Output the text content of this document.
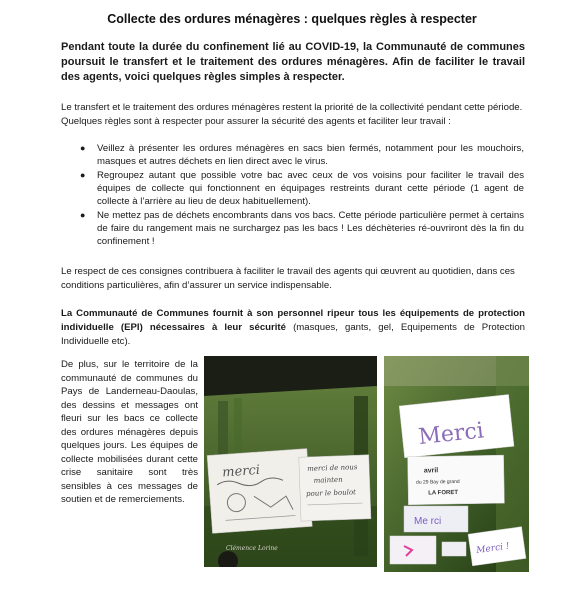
Collecte des ordures ménagères : quelques règles à respecter
Pendant toute la durée du confinement lié au COVID-19, la Communauté de communes poursuit le transfert et le traitement des ordures ménagères. Afin de faciliter le travail des agents, voici quelques règles simples à respecter.
Le transfert et le traitement des ordures ménagères restent la priorité de la collectivité pendant cette période. Quelques règles sont à respecter pour assurer la sécurité des agents et faciliter leur travail :
● Veillez à présenter les ordures ménagères en sacs bien fermés, notamment pour les mouchoirs, masques et autres déchets en lien direct avec le virus.
● Regroupez autant que possible votre bac avec ceux de vos voisins pour faciliter le travail des équipes de collecte qui fonctionnent en équipages restreints durant cette période (1 agent de collecte à l’arrière au lieu de deux habituellement).
● Ne mettez pas de déchets encombrants dans vos bacs. Cette période particulière permet à certains de faire du rangement mais ne surchargez pas les bacs ! Les déchèteries ré-ouvriront dès la fin du confinement !
Le respect de ces consignes contribuera à faciliter le travail des agents qui œuvrent au quotidien, dans ces conditions particulières, afin d’assurer un service indispensable.
La Communauté de Communes fournit à son personnel ripeur tous les équipements de protection individuelle (EPI) nécessaires à leur sécurité (masques, gants, gel, Equipements de Protection Individuelle etc).
De plus, sur le territoire de la communauté de communes du Pays de Landerneau-Daoulas, des dessins et messages ont fleuri sur les bacs ce collecte des ordures ménagères depuis quelques jours. Les équipes de collecte mobilisées durant cette crise sanitaire sont très sensibles à ces messages de soutien et de remerciements.
merci	merci de nous
mainten
pour le boulot
Clémence Lorine
Merci
avril
du 29 Bay de grand
LA FORET
Me rci
Merci !
